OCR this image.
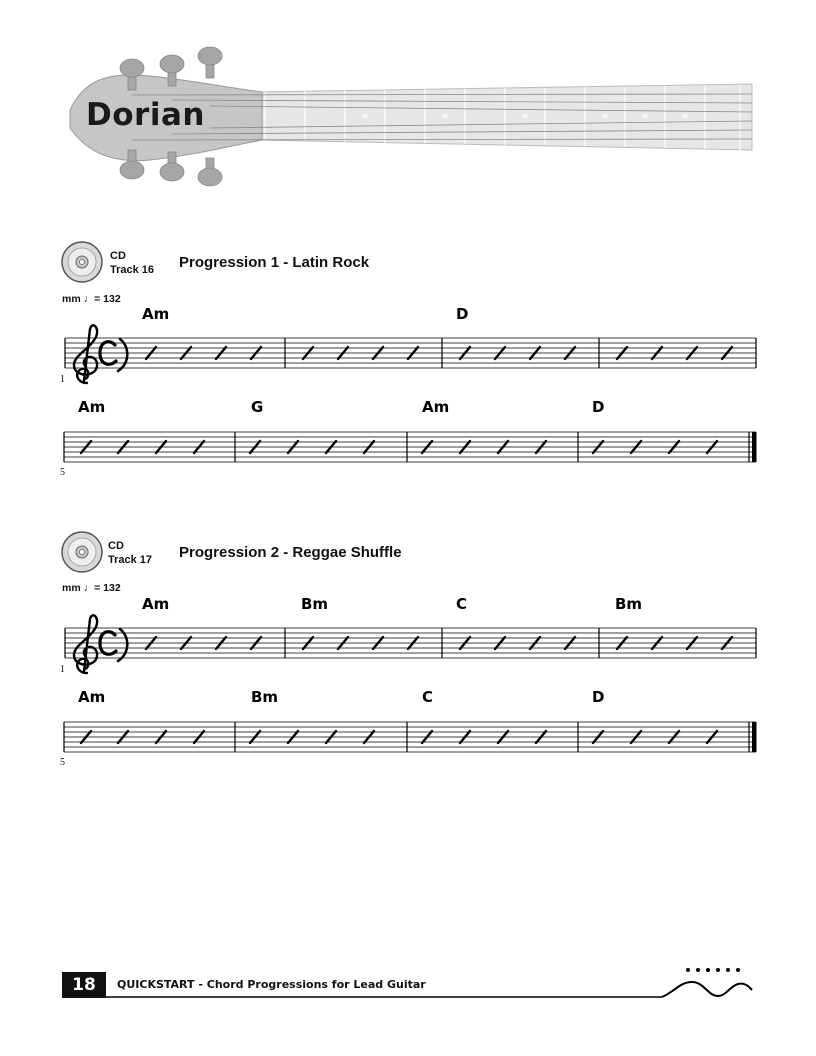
Dorian
CD
Track 16 Progression 1 - Latin Rock
mm ♩= 132
Am	D
1
Am	G	Am	D
5
CD
Track 17 Progression 2 - Reggae Shuffle
mm ♩= 132
Am	Bm	C	Bm
1
Am	Bm	C	D
5
18	QUICKSTART - Chord Progressions for Lead Guitar
